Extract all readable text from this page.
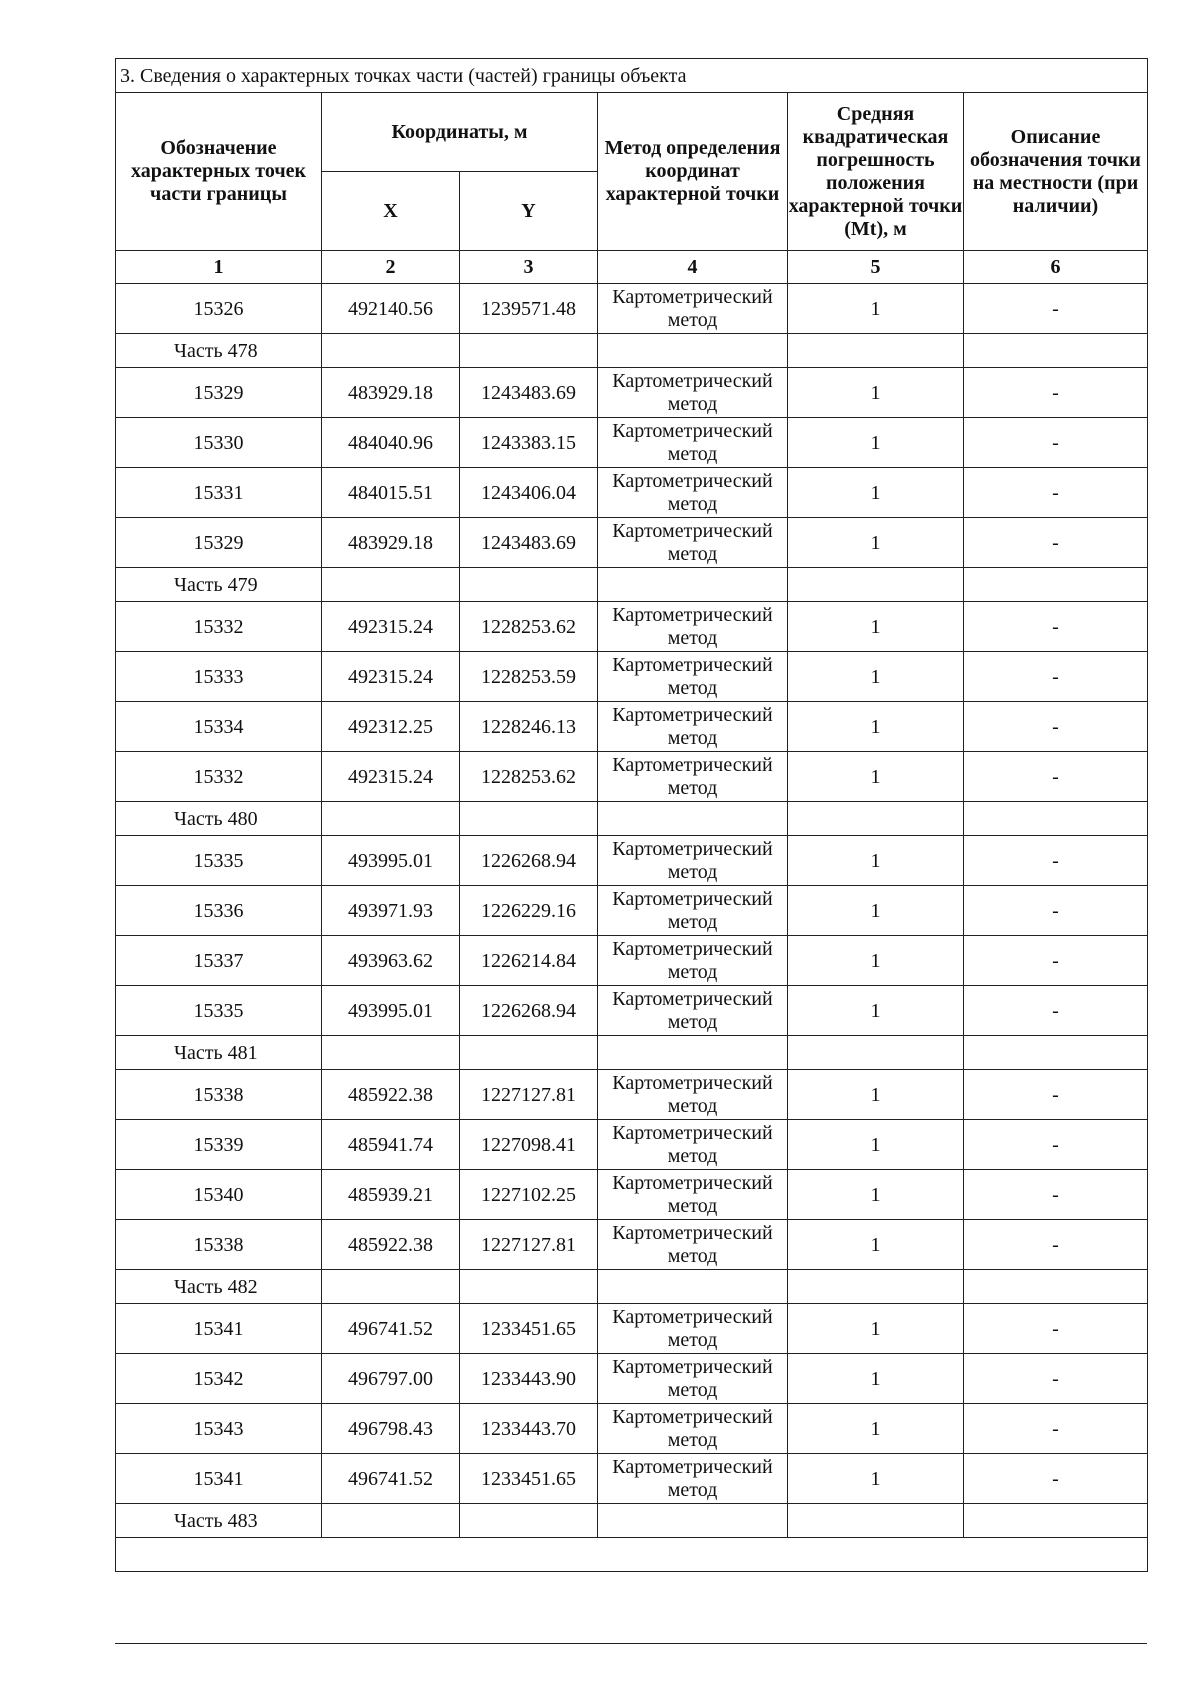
3. Сведения о характерных точках части (частей) границы объекта					
Обозначение характерных точек части границы	Координаты, м		Метод определения координат характерной точки	Средняя квадратическая погрешность положения характерной точки (Mt), м	Описание обозначения точки на местности (при наличии)
	X	Y			
1	2	3	4	5	6
15326	492140.56	1239571.48	Картометрический метод	1	-
Часть 478					
15329	483929.18	1243483.69	Картометрический метод	1	-
15330	484040.96	1243383.15	Картометрический метод	1	-
15331	484015.51	1243406.04	Картометрический метод	1	-
15329	483929.18	1243483.69	Картометрический метод	1	-
Часть 479					
15332	492315.24	1228253.62	Картометрический метод	1	-
15333	492315.24	1228253.59	Картометрический метод	1	-
15334	492312.25	1228246.13	Картометрический метод	1	-
15332	492315.24	1228253.62	Картометрический метод	1	-
Часть 480					
15335	493995.01	1226268.94	Картометрический метод	1	-
15336	493971.93	1226229.16	Картометрический метод	1	-
15337	493963.62	1226214.84	Картометрический метод	1	-
15335	493995.01	1226268.94	Картометрический метод	1	-
Часть 481					
15338	485922.38	1227127.81	Картометрический метод	1	-
15339	485941.74	1227098.41	Картометрический метод	1	-
15340	485939.21	1227102.25	Картометрический метод	1	-
15338	485922.38	1227127.81	Картометрический метод	1	-
Часть 482					
15341	496741.52	1233451.65	Картометрический метод	1	-
15342	496797.00	1233443.90	Картометрический метод	1	-
15343	496798.43	1233443.70	Картометрический метод	1	-
15341	496741.52	1233451.65	Картометрический метод	1	-
Часть 483					
